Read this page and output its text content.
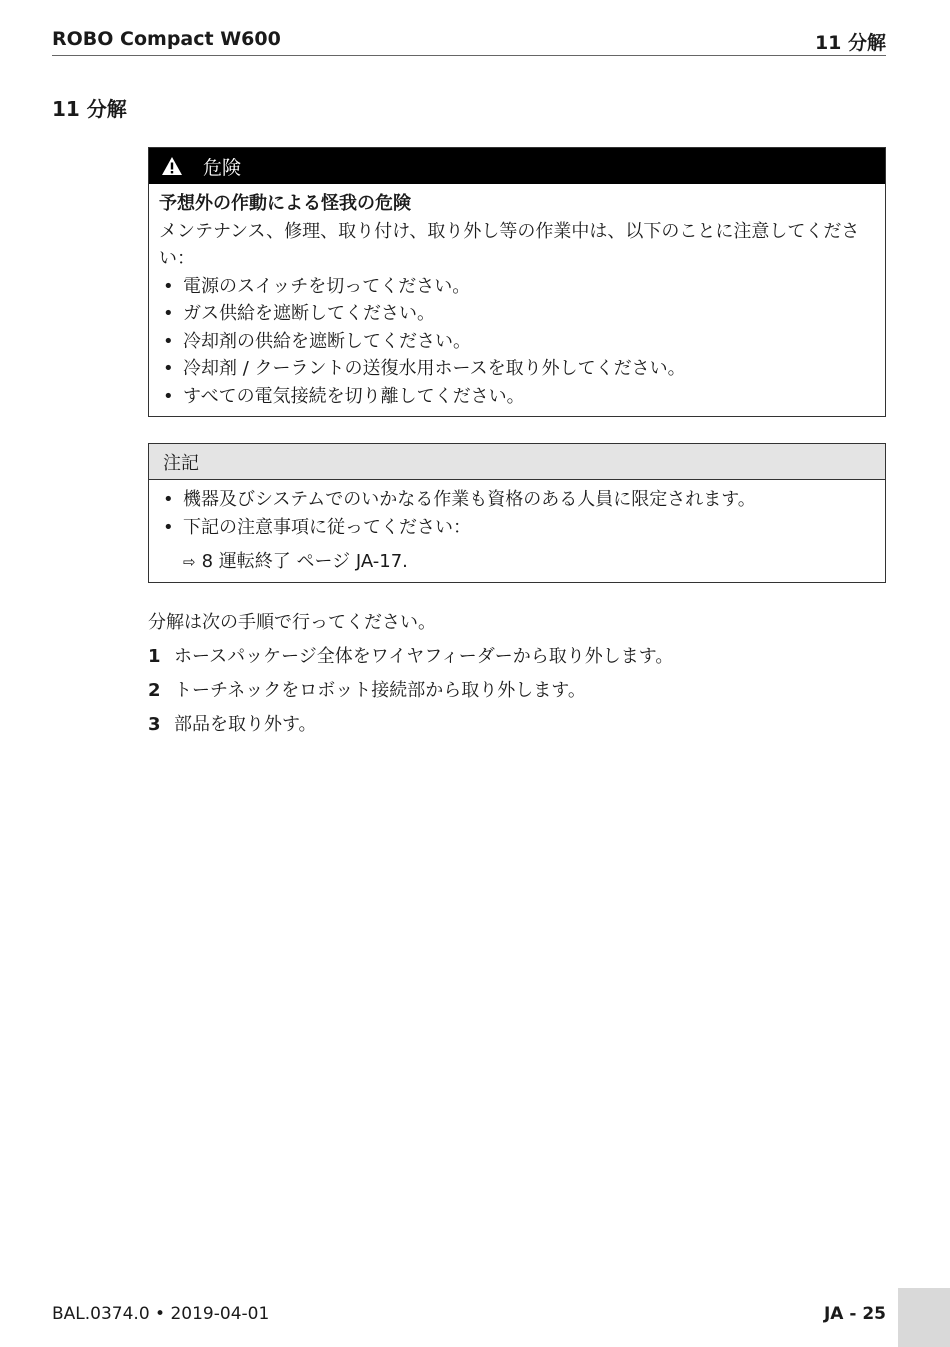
ROBO Compact W600	11 分解
11 分解
危険
予想外の作動による怪我の危険
メンテナンス、修理、取り付け、取り外し等の作業中は、以下のことに注意してください：
• 電源のスイッチを切ってください。
• ガス供給を遮断してください。
• 冷却剤の供給を遮断してください。
• 冷却剤 / クーラントの送復水用ホースを取り外してください。
• すべての電気接続を切り離してください。
注記
• 機器及びシステムでのいかなる作業も資格のある人員に限定されます。
• 下記の注意事項に従ってください：
⇨ 8 運転終了 ページ JA-17.
分解は次の手順で行ってください。
1 ホースパッケージ全体をワイヤフィーダーから取り外します。
2 トーチネックをロボット接続部から取り外します。
3 部品を取り外す。
BAL.0374.0 • 2019-04-01	JA - 25
